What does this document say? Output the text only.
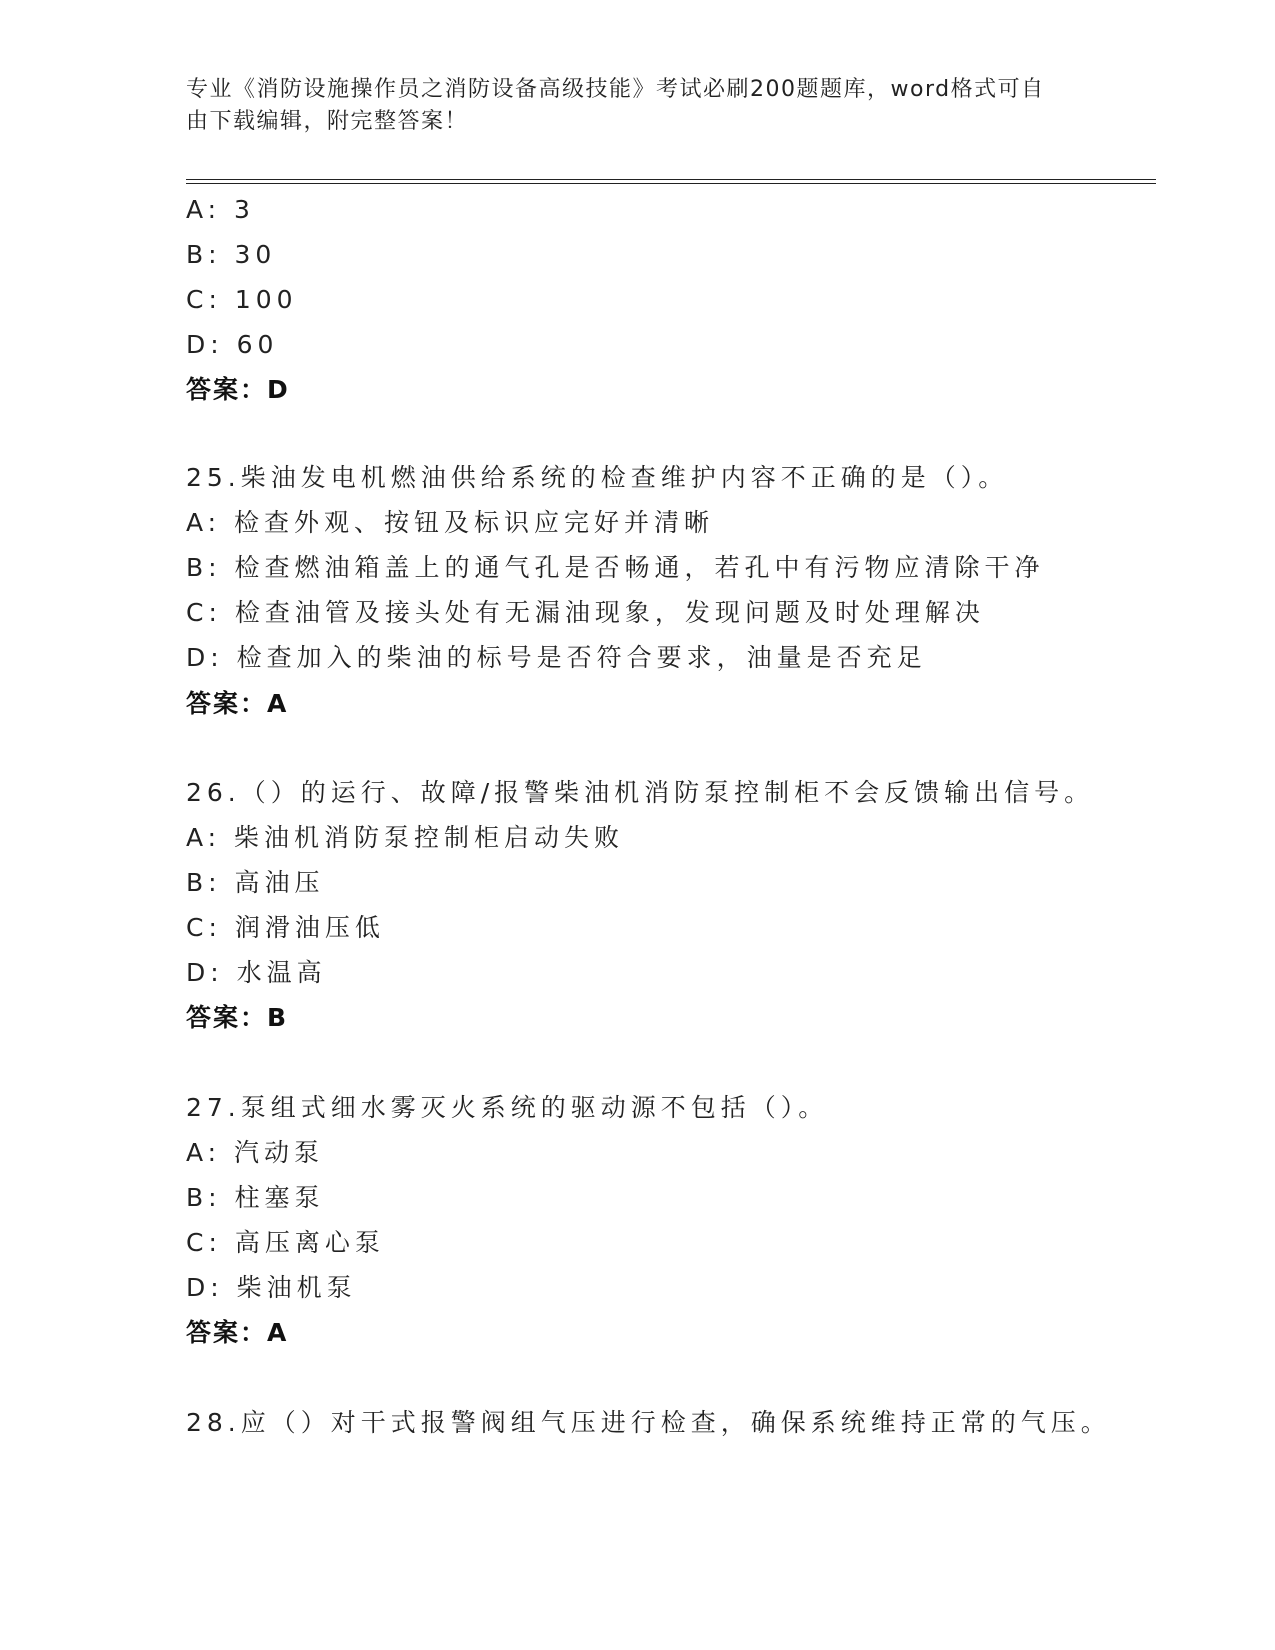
专业《消防设施操作员之消防设备高级技能》考试必刷200题题库，word格式可自由下载编辑，附完整答案！
A: 3
B: 30
C: 100
D: 60
答案：D
25.柴油发电机燃油供给系统的检查维护内容不正确的是（）。
A: 检查外观、按钮及标识应完好并清晰
B: 检查燃油箱盖上的通气孔是否畅通，若孔中有污物应清除干净
C: 检查油管及接头处有无漏油现象，发现问题及时处理解决
D: 检查加入的柴油的标号是否符合要求，油量是否充足
答案：A
26.（）的运行、故障/报警柴油机消防泵控制柜不会反馈输出信号。
A: 柴油机消防泵控制柜启动失败
B: 高油压
C: 润滑油压低
D: 水温高
答案：B
27.泵组式细水雾灭火系统的驱动源不包括（）。
A: 汽动泵
B: 柱塞泵
C: 高压离心泵
D: 柴油机泵
答案：A
28.应（）对干式报警阀组气压进行检查，确保系统维持正常的气压。
